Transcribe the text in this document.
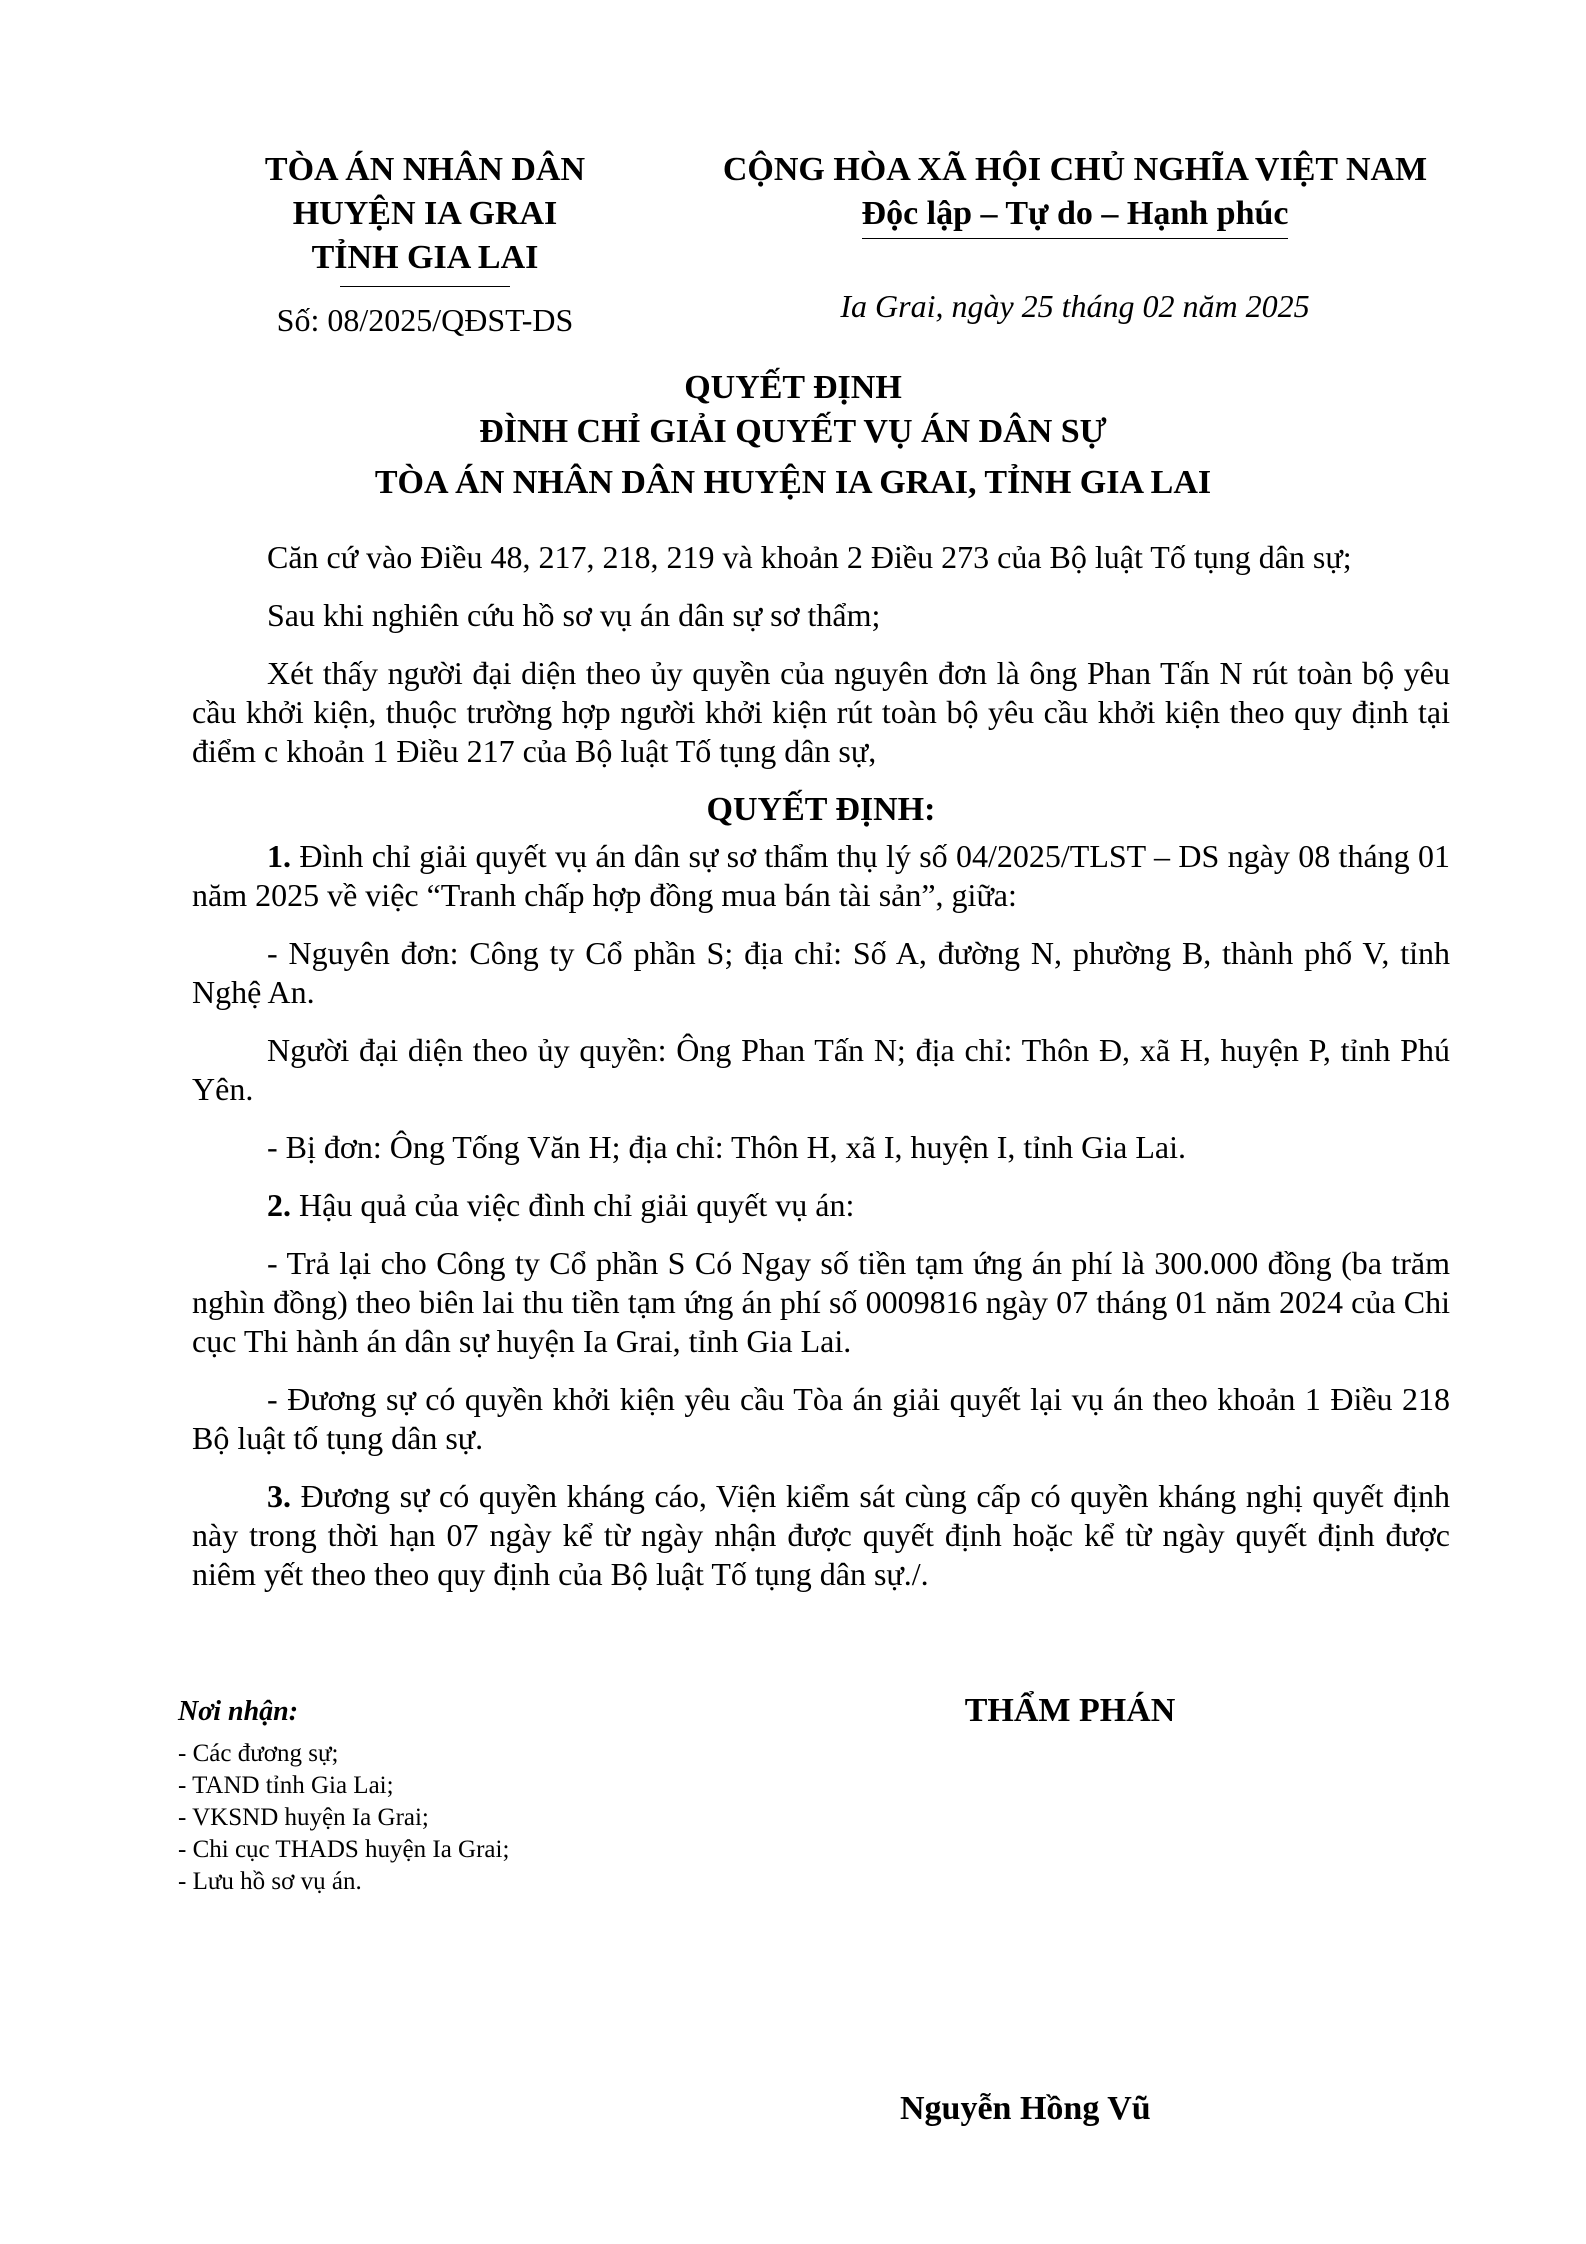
TÒA ÁN NHÂN DÂN
HUYỆN IA GRAI
TỈNH GIA LAI
Số: 08/2025/QĐST-DS
CỘNG HÒA XÃ HỘI CHỦ NGHĨA VIỆT NAM
Độc lập – Tự do – Hạnh phúc
Ia Grai, ngày 25 tháng 02 năm 2025
QUYẾT ĐỊNH
ĐÌNH CHỈ GIẢI QUYẾT VỤ ÁN DÂN SỰ
TÒA ÁN NHÂN DÂN HUYỆN IA GRAI, TỈNH GIA LAI

Căn cứ vào Điều 48, 217, 218, 219 và khoản 2 Điều 273 của Bộ luật Tố tụng dân sự;

Sau khi nghiên cứu hồ sơ vụ án dân sự sơ thẩm;

Xét thấy người đại diện theo ủy quyền của nguyên đơn là ông Phan Tấn N rút toàn bộ yêu cầu khởi kiện, thuộc trường hợp người khởi kiện rút toàn bộ yêu cầu khởi kiện theo quy định tại điểm c khoản 1 Điều 217 của Bộ luật Tố tụng dân sự,

QUYẾT ĐỊNH:

1. Đình chỉ giải quyết vụ án dân sự sơ thẩm thụ lý số 04/2025/TLST – DS ngày 08 tháng 01 năm 2025 về việc “Tranh chấp hợp đồng mua bán tài sản”, giữa:

- Nguyên đơn: Công ty Cổ phần S; địa chỉ: Số A, đường N, phường B, thành phố V, tỉnh Nghệ An.

Người đại diện theo ủy quyền: Ông Phan Tấn N; địa chỉ: Thôn Đ, xã H, huyện P, tỉnh Phú Yên.

- Bị đơn: Ông Tống Văn H; địa chỉ: Thôn H, xã I, huyện I, tỉnh Gia Lai.

2. Hậu quả của việc đình chỉ giải quyết vụ án:

- Trả lại cho Công ty Cổ phần S Có Ngay số tiền tạm ứng án phí là 300.000 đồng (ba trăm nghìn đồng) theo biên lai thu tiền tạm ứng án phí số 0009816 ngày 07 tháng 01 năm 2024 của Chi cục Thi hành án dân sự huyện Ia Grai, tỉnh Gia Lai.

- Đương sự có quyền khởi kiện yêu cầu Tòa án giải quyết lại vụ án theo khoản 1 Điều 218 Bộ luật tố tụng dân sự.

3. Đương sự có quyền kháng cáo, Viện kiểm sát cùng cấp có quyền kháng nghị quyết định này trong thời hạn 07 ngày kể từ ngày nhận được quyết định hoặc kể từ ngày quyết định được niêm yết theo theo quy định của Bộ luật Tố tụng dân sự./.

Nơi nhận:
- Các đương sự;
- TAND tỉnh Gia Lai;
- VKSND huyện Ia Grai;
- Chi cục THADS huyện Ia Grai;
- Lưu hồ sơ vụ án.
THẨM PHÁN
Nguyễn Hồng Vũ
